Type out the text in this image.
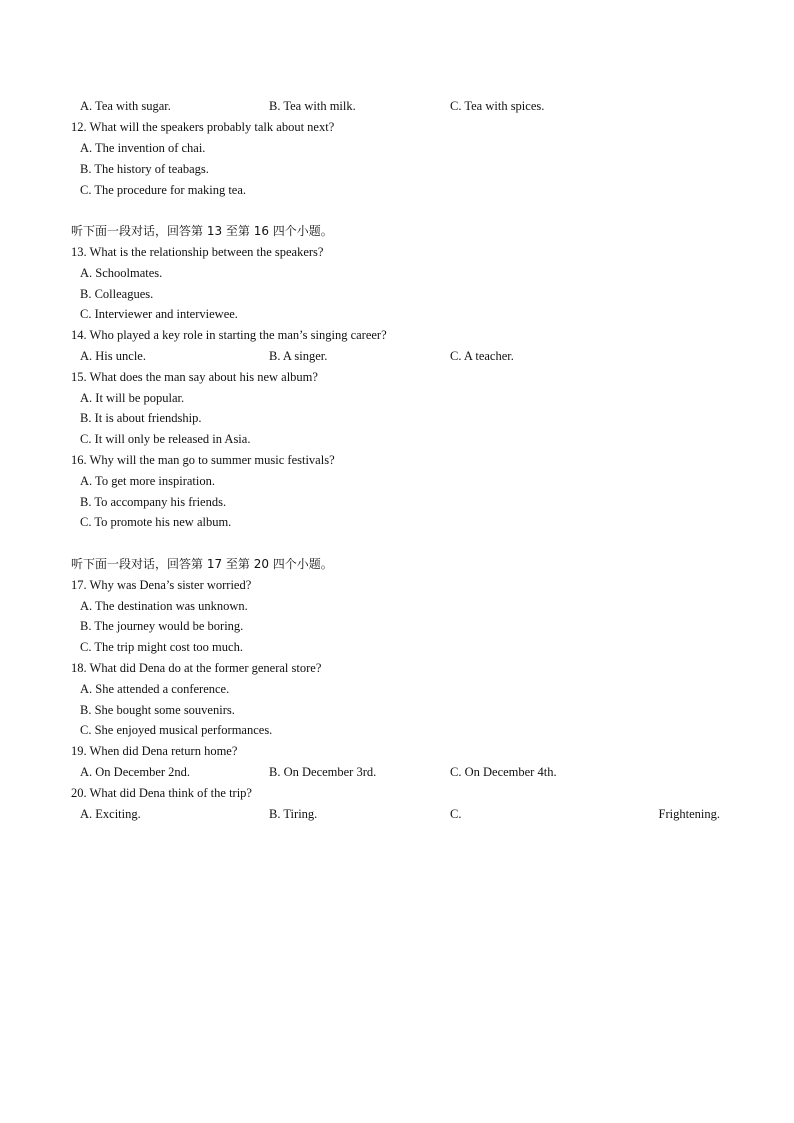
A. Tea with sugar.	B. Tea with milk.	C. Tea with spices.
12. What will the speakers probably talk about next?
A. The invention of chai.
B. The history of teabags.
C. The procedure for making tea.
听下面一段对话，回答第 13 至第 16 四个小题。
13. What is the relationship between the speakers?
A. Schoolmates.
B. Colleagues.
C. Interviewer and interviewee.
14. Who played a key role in starting the man’s singing career?
A. His uncle.	B. A singer.	C. A teacher.
15. What does the man say about his new album?
A. It will be popular.
B. It is about friendship.
C. It will only be released in Asia.
16. Why will the man go to summer music festivals?
A. To get more inspiration.
B. To accompany his friends.
C. To promote his new album.
听下面一段对话，回答第 17 至第 20 四个小题。
17. Why was Dena’s sister worried?
A. The destination was unknown.
B. The journey would be boring.
C. The trip might cost too much.
18. What did Dena do at the former general store?
A. She attended a conference.
B. She bought some souvenirs.
C. She enjoyed musical performances.
19. When did Dena return home?
A. On December 2nd.	B. On December 3rd.	C. On December 4th.
20. What did Dena think of the trip?
A. Exciting.	B. Tiring.	C.	Frightening.
